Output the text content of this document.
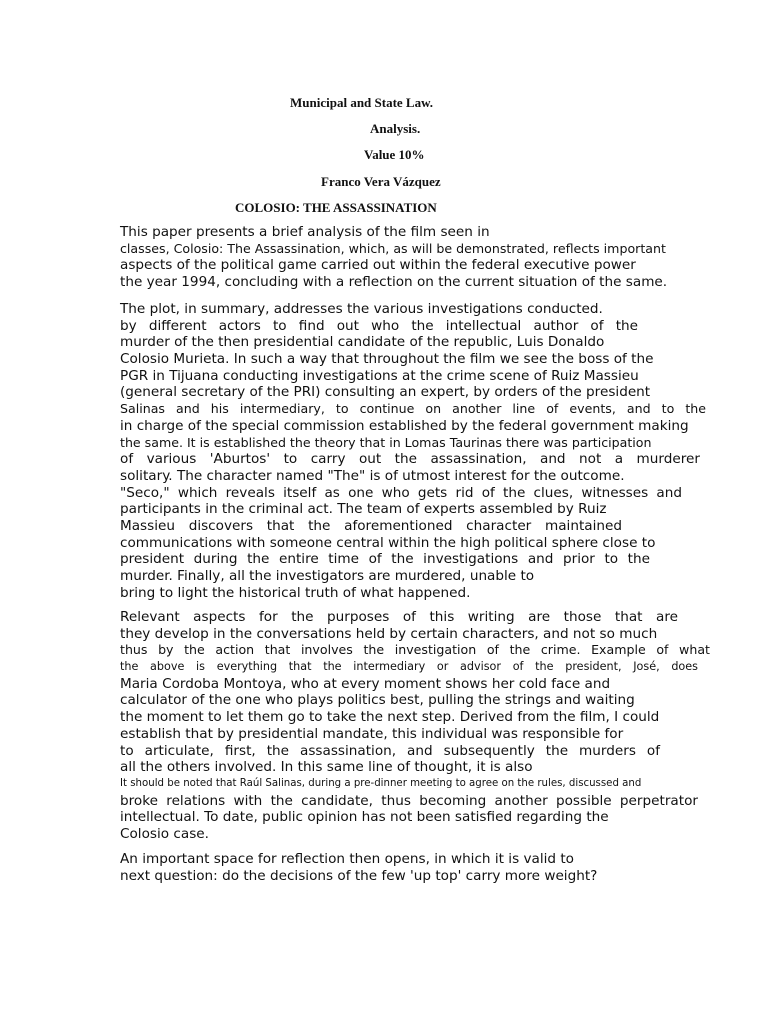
Municipal and State Law.

Analysis.

Value 10%

Franco Vera Vázquez

COLOSIO: THE ASSASSINATION

This paper presents a brief analysis of the film seen in
classes, Colosio: The Assassination, which, as will be demonstrated, reflects important
aspects of the political game carried out within the federal executive power
the year 1994, concluding with a reflection on the current situation of the same.
The plot, in summary, addresses the various investigations conducted.
by different actors to find out who the intellectual author of the
murder of the then presidential candidate of the republic, Luis Donaldo
Colosio Murieta. In such a way that throughout the film we see the boss of the
PGR in Tijuana conducting investigations at the crime scene of Ruiz Massieu
(general secretary of the PRI) consulting an expert, by orders of the president
Salinas and his intermediary, to continue on another line of events, and to the
in charge of the special commission established by the federal government making
the same. It is established the theory that in Lomas Taurinas there was participation
of various 'Aburtos' to carry out the assassination, and not a murderer
solitary. The character named "The" is of utmost interest for the outcome.
"Seco," which reveals itself as one who gets rid of the clues, witnesses and
participants in the criminal act. The team of experts assembled by Ruiz
Massieu discovers that the aforementioned character maintained
communications with someone central within the high political sphere close to
president during the entire time of the investigations and prior to the
murder. Finally, all the investigators are murdered, unable to
bring to light the historical truth of what happened.
Relevant aspects for the purposes of this writing are those that are
they develop in the conversations held by certain characters, and not so much
thus by the action that involves the investigation of the crime. Example of what
the above is everything that the intermediary or advisor of the president, José, does
Maria Cordoba Montoya, who at every moment shows her cold face and
calculator of the one who plays politics best, pulling the strings and waiting
the moment to let them go to take the next step. Derived from the film, I could
establish that by presidential mandate, this individual was responsible for
to articulate, first, the assassination, and subsequently the murders of
all the others involved. In this same line of thought, it is also
It should be noted that Raúl Salinas, during a pre-dinner meeting to agree on the rules, discussed and
broke relations with the candidate, thus becoming another possible perpetrator
intellectual. To date, public opinion has not been satisfied regarding the
Colosio case.
An important space for reflection then opens, in which it is valid to
next question: do the decisions of the few 'up top' carry more weight?
